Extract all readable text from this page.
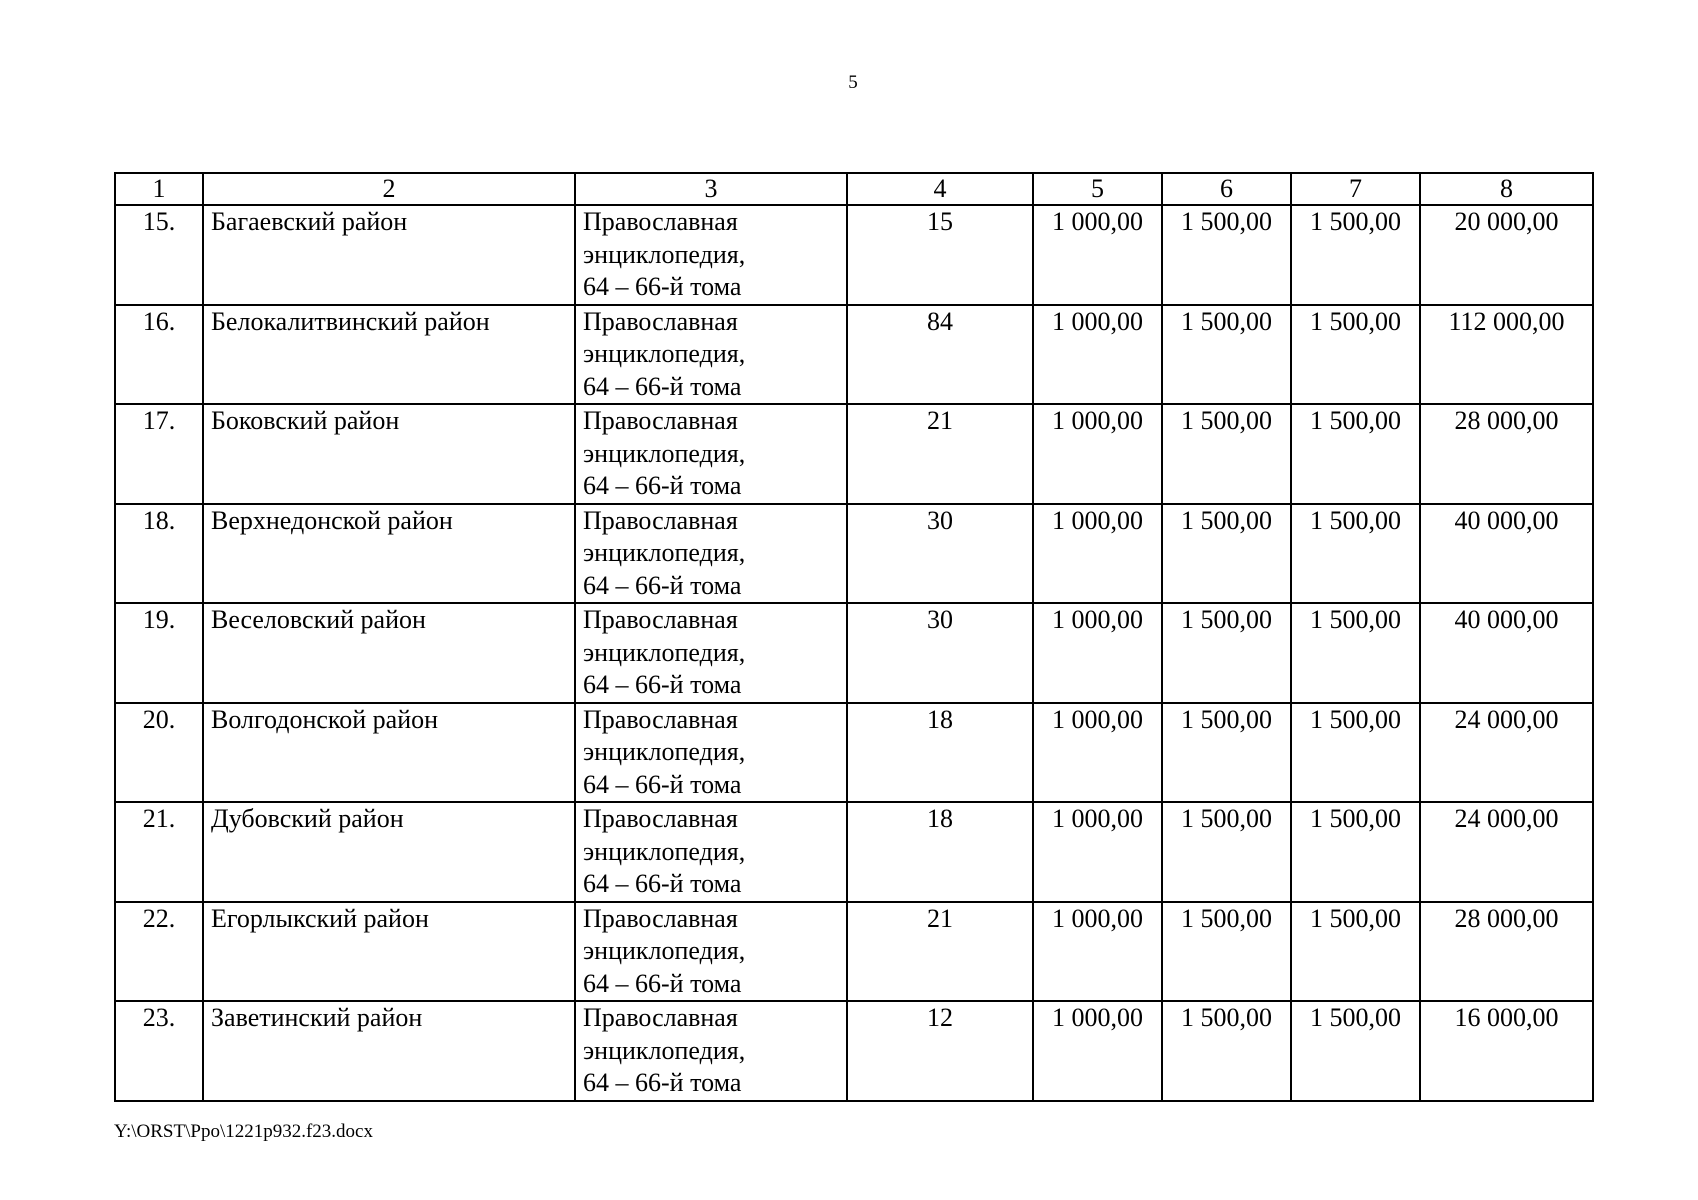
5
1	2	3	4	5	6	7	8
15.	Багаевский район	Православная
энциклопедия,
64 – 66-й тома	15	1 000,00	1 500,00	1 500,00	20 000,00
16.	Белокалитвинский район	Православная
энциклопедия,
64 – 66-й тома	84	1 000,00	1 500,00	1 500,00	112 000,00
17.	Боковский район	Православная
энциклопедия,
64 – 66-й тома	21	1 000,00	1 500,00	1 500,00	28 000,00
18.	Верхнедонской район	Православная
энциклопедия,
64 – 66-й тома	30	1 000,00	1 500,00	1 500,00	40 000,00
19.	Веселовский район	Православная
энциклопедия,
64 – 66-й тома	30	1 000,00	1 500,00	1 500,00	40 000,00
20.	Волгодонской район	Православная
энциклопедия,
64 – 66-й тома	18	1 000,00	1 500,00	1 500,00	24 000,00
21.	Дубовский район	Православная
энциклопедия,
64 – 66-й тома	18	1 000,00	1 500,00	1 500,00	24 000,00
22.	Егорлыкский район	Православная
энциклопедия,
64 – 66-й тома	21	1 000,00	1 500,00	1 500,00	28 000,00
23.	Заветинский район	Православная
энциклопедия,
64 – 66-й тома	12	1 000,00	1 500,00	1 500,00	16 000,00
Y:\ORST\Ppo\1221p932.f23.docx
